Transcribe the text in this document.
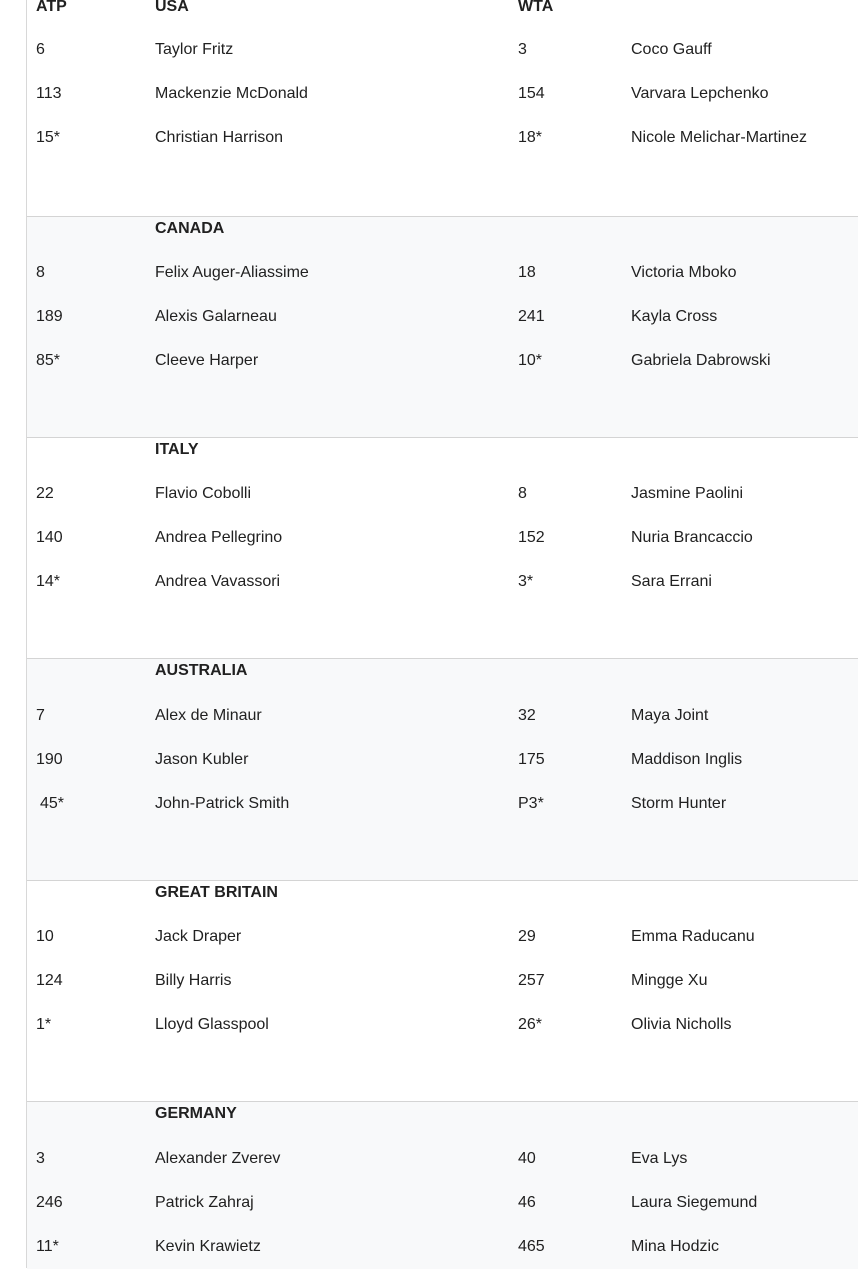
ATP	USA	WTA
6	Taylor Fritz	3	Coco Gauff
113	Mackenzie McDonald	154	Varvara Lepchenko
15*	Christian Harrison	18*	Nicole Melichar-Martinez
CANADA
8	Felix Auger-Aliassime	18	Victoria Mboko
189	Alexis Galarneau	241	Kayla Cross
85*	Cleeve Harper	10*	Gabriela Dabrowski
ITALY
22	Flavio Cobolli	8	Jasmine Paolini
140	Andrea Pellegrino	152	Nuria Brancaccio
14*	Andrea Vavassori	3*	Sara Errani
AUSTRALIA
7	Alex de Minaur	32	Maya Joint
190	Jason Kubler	175	Maddison Inglis
45*	John-Patrick Smith	P3*	Storm Hunter
GREAT BRITAIN
10	Jack Draper	29	Emma Raducanu
124	Billy Harris	257	Mingge Xu
1*	Lloyd Glasspool	26*	Olivia Nicholls
GERMANY
3	Alexander Zverev	40	Eva Lys
246	Patrick Zahraj	46	Laura Siegemund
11*	Kevin Krawietz	465	Mina Hodzic
